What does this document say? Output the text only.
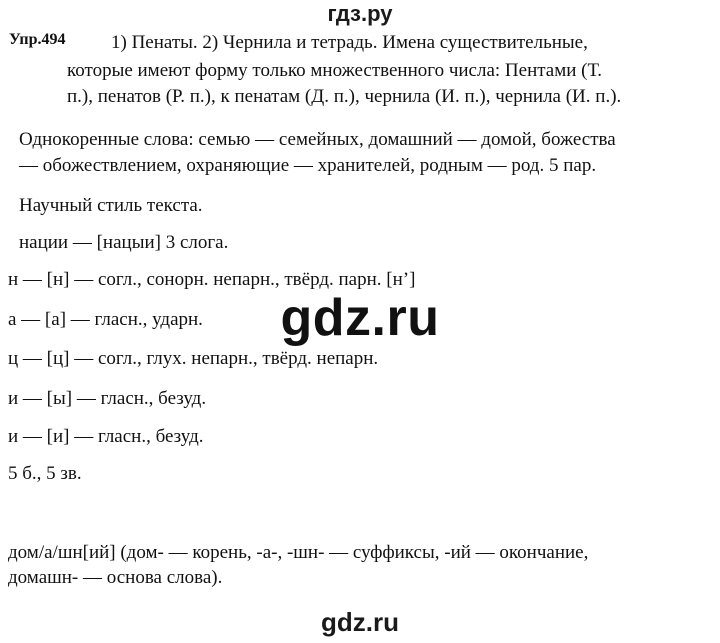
гдз.ру
Упр.494 1) Пенаты. 2) Чернила и тетрадь. Имена существительные,
которые имеют форму только множественного числа: Пентами (Т.
п.), пенатов (Р. п.), к пенатам (Д. п.), чернила (И. п.), чернила (И. п.).
Однокоренные слова: семью — семейных, домашний — домой, божества
— обожествлением, охраняющие — хранителей, родным — род. 5 пар.
Научный стиль текста.
нации — [нацыи] 3 слога.
н — [н] — согл., сонорн. непарн., твёрд. парн. [н’]
а — [а] — гласн., ударн.
ц — [ц] — согл., глух. непарн., твёрд. непарн.
и — [ы] — гласн., безуд.
и — [и] — гласн., безуд.
5 б., 5 зв.
дом/а/шн[ий] (дом- — корень, -а-, -шн- — суффиксы, -ий — окончание,
домашн- — основа слова).
gdz.ru
gdz.ru
